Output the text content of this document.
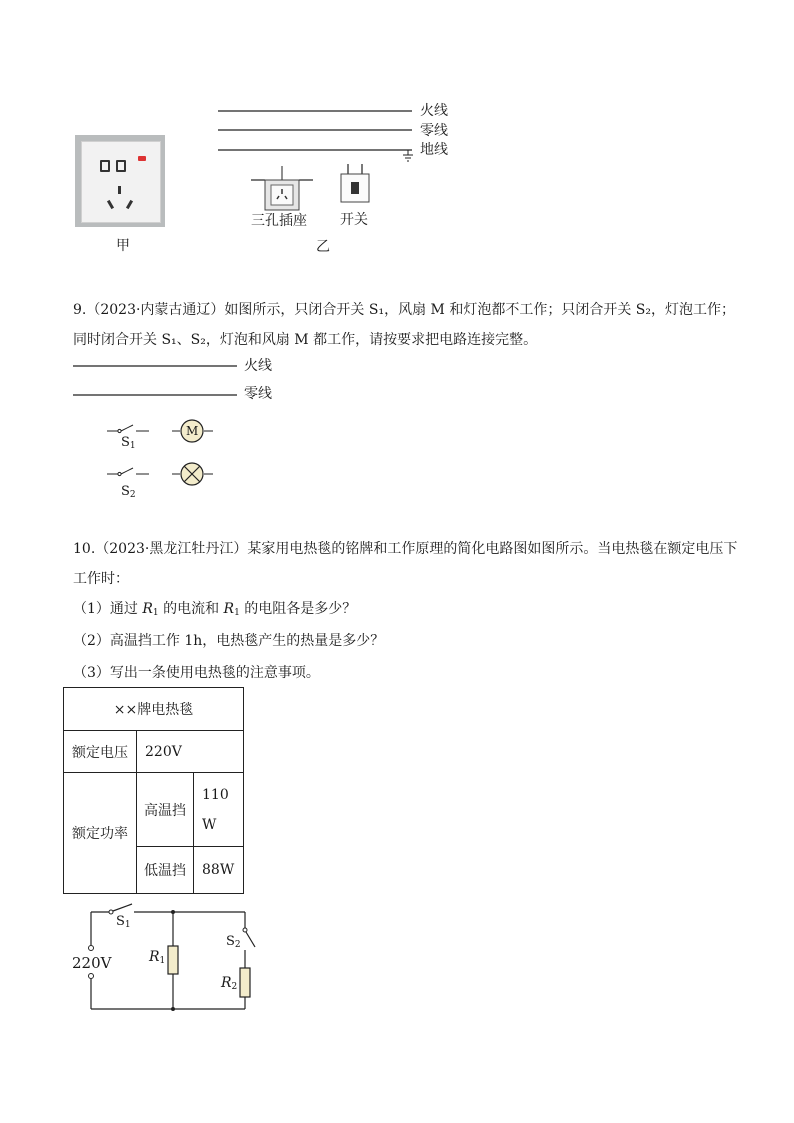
甲
火线
零线
地线
三孔插座 开关
乙
9.（2023·内蒙古通辽）如图所示，只闭合开关 S₁，风扇 M 和灯泡都不工作；只闭合开关 S₂，灯泡工作；
同时闭合开关 S₁、S₂，灯泡和风扇 M 都工作，请按要求把电路连接完整。
M
火线
零线
$S_1$
$S_2$
10.（2023·黑龙江牡丹江）某家用电热毯的铭牌和工作原理的简化电路图如图所示。当电热毯在额定电压下
工作时：
（1）通过 $R_1$ 的电流和 $R_1$ 的电阻各是多少？
（2）高温挡工作 1h，电热毯产生的热量是多少？
（3）写出一条使用电热毯的注意事项。
××牌电热毯		
额定电压	220V	
额定功率	高温挡	110
W

	低温挡	88W
$S_1$
$S_2$
$R_1$
$R_2$
220V
